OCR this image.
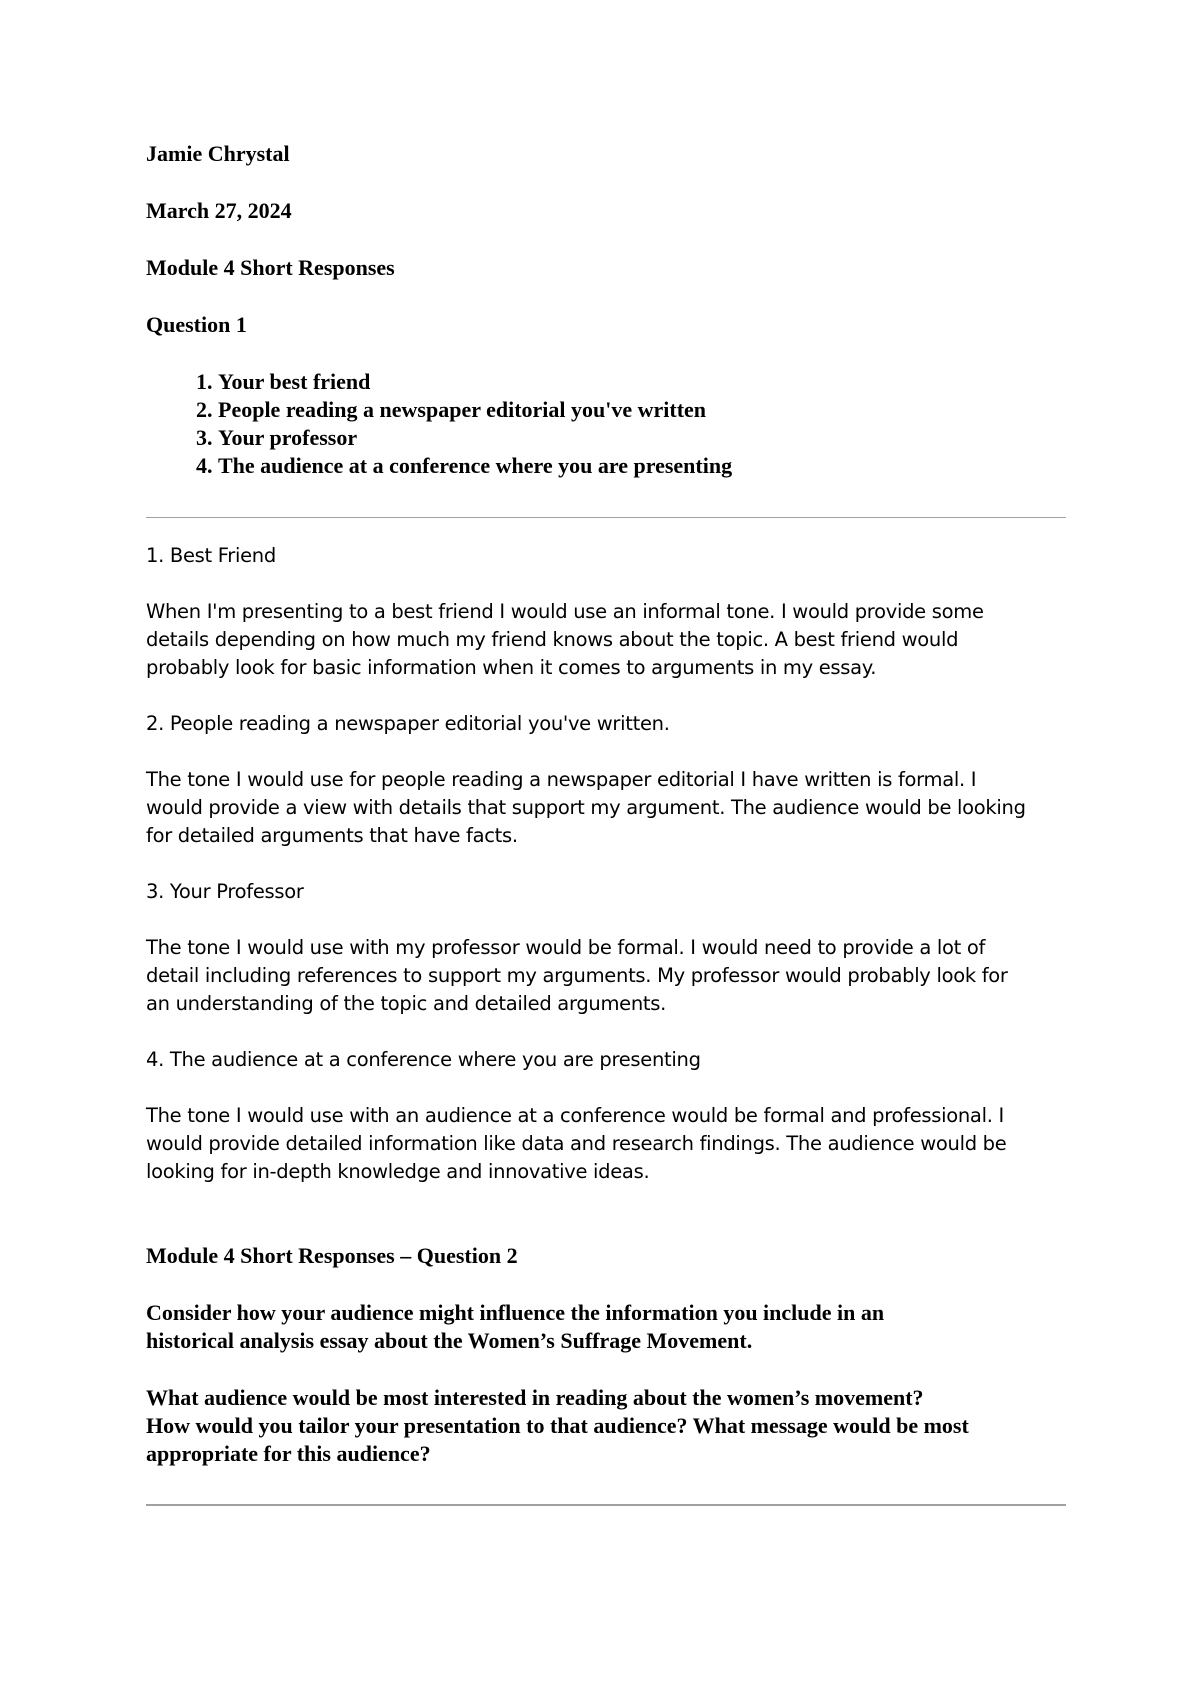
Jamie Chrystal

March 27, 2024

Module 4 Short Responses

Question 1

1. Your best friend
2. People reading a newspaper editorial you've written
3. Your professor
4. The audience at a conference where you are presenting

1. Best Friend

When I'm presenting to a best friend I would use an informal tone. I would provide some
details depending on how much my friend knows about the topic. A best friend would
probably look for basic information when it comes to arguments in my essay.

2. People reading a newspaper editorial you've written.

The tone I would use for people reading a newspaper editorial I have written is formal. I
would provide a view with details that support my argument. The audience would be looking
for detailed arguments that have facts.

3. Your Professor

The tone I would use with my professor would be formal. I would need to provide a lot of
detail including references to support my arguments. My professor would probably look for
an understanding of the topic and detailed arguments.

4. The audience at a conference where you are presenting

The tone I would use with an audience at a conference would be formal and professional. I
would provide detailed information like data and research findings. The audience would be
looking for in-depth knowledge and innovative ideas.

Module 4 Short Responses – Question 2

Consider how your audience might influence the information you include in an
historical analysis essay about the Women’s Suffrage Movement.
What audience would be most interested in reading about the women’s movement?
How would you tailor your presentation to that audience? What message would be most
appropriate for this audience?
